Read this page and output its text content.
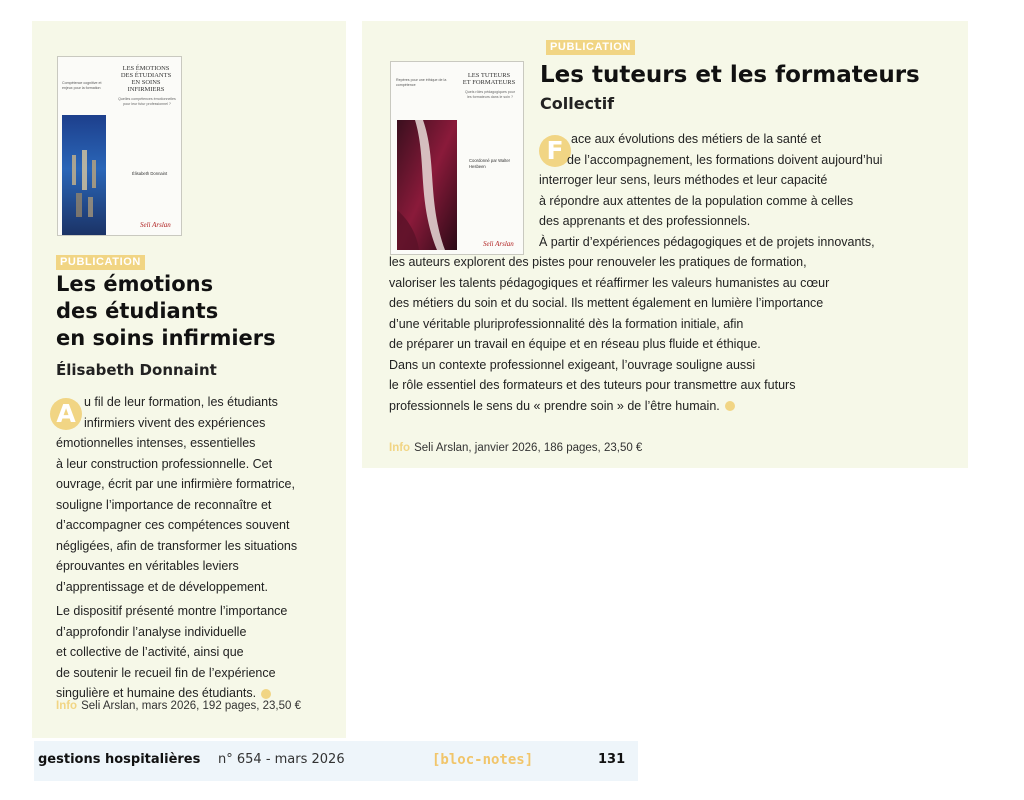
Compétence cognitive et enjeux pour la formation
LES ÉMOTIONS
DES ÉTUDIANTS
EN SOINS
INFIRMIERS
Quelles compétences émotionnelles pour leur futur professionnel ?
Élisabeth Donnaint
Seli Arslan
PUBLICATION
Les émotions
des étudiants
en soins infirmiers
Élisabeth Donnaint
A u fil de leur formation, les étudiants
infirmiers vivent des expériences
émotionnelles intenses, essentielles
à leur construction professionnelle. Cet
ouvrage, écrit par une infirmière formatrice,
souligne l’importance de reconnaître et
d’accompagner ces compétences souvent
négligées, afin de transformer les situations
éprouvantes en véritables leviers
d’apprentissage et de développement.

Le dispositif présenté montre l’importance
d’approfondir l’analyse individuelle
et collective de l’activité, ainsi que
de soutenir le recueil fin de l’expérience
singulière et humaine des étudiants.

Info Seli Arslan, mars 2026, 192 pages, 23,50 €
Repères pour une éthique de la compétence
LES TUTEURS
ET FORMATEURS
Quels rôles pédagogiques pour les formateurs dans le soin ?
Coordonné par Walter Hesbeen
Seli Arslan
PUBLICATION
Les tuteurs et les formateurs
Collectif
F ace aux évolutions des métiers de la santé et
de l’accompagnement, les formations doivent aujourd’hui
interroger leur sens, leurs méthodes et leur capacité
à répondre aux attentes de la population comme à celles
des apprenants et des professionnels.
À partir d’expériences pédagogiques et de projets innovants,
les auteurs explorent des pistes pour renouveler les pratiques de formation,
valoriser les talents pédagogiques et réaffirmer les valeurs humanistes au cœur
des métiers du soin et du social. Ils mettent également en lumière l’importance
d’une véritable pluriprofessionnalité dès la formation initiale, afin
de préparer un travail en équipe et en réseau plus fluide et éthique.
Dans un contexte professionnel exigeant, l’ouvrage souligne aussi
le rôle essentiel des formateurs et des tuteurs pour transmettre aux futurs
professionnels le sens du « prendre soin » de l’être humain.

Info Seli Arslan, janvier 2026, 186 pages, 23,50 €
gestions hospitalières n° 654 - mars 2026	[bloc-notes]	131
